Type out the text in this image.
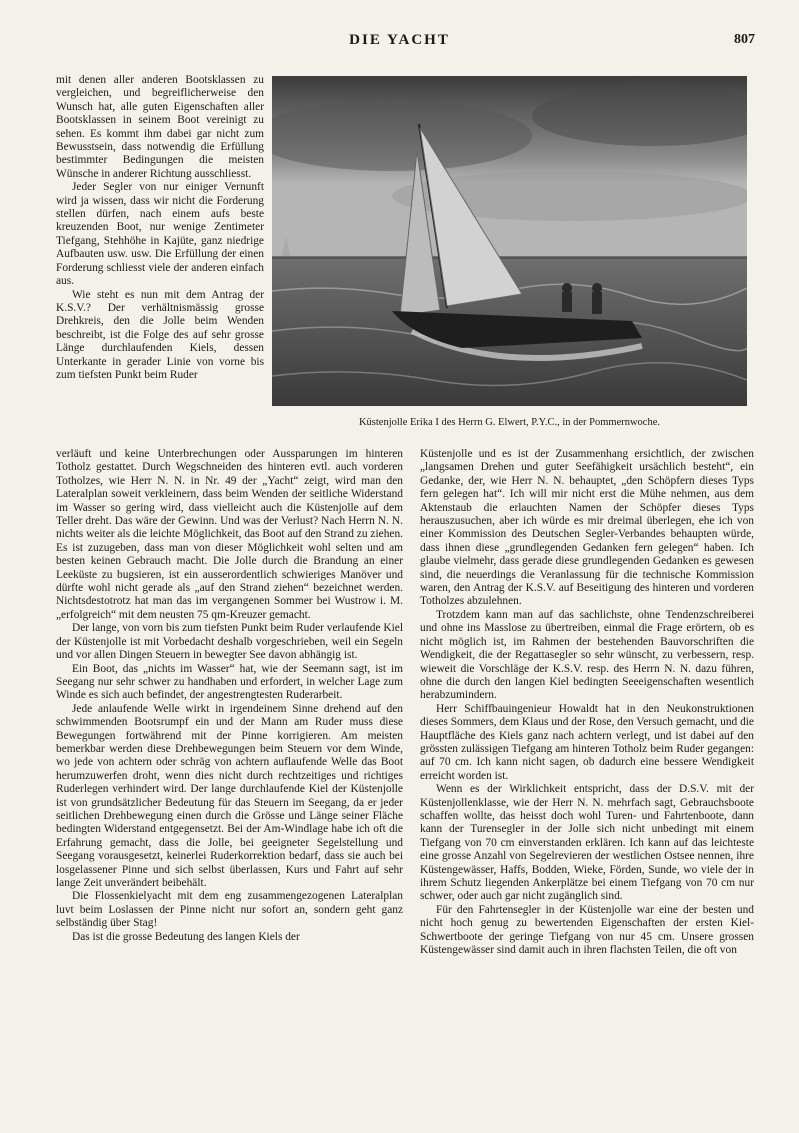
DIE YACHT	807

mit denen aller anderen Bootsklassen zu vergleichen, und begreiflicherweise den Wunsch hat, alle guten Eigenschaften aller Bootsklassen in seinem Boot vereinigt zu sehen. Es kommt ihm dabei gar nicht zum Bewusstsein, dass notwendig die Erfüllung bestimmter Bedingungen die meisten Wünsche in anderer Richtung ausschliesst.

Jeder Segler von nur einiger Vernunft wird ja wissen, dass wir nicht die Forderung stellen dürfen, nach einem aufs beste kreuzenden Boot, nur wenige Zentimeter Tiefgang, Stehhöhe in Kajüte, ganz niedrige Aufbauten usw. usw. Die Erfüllung der einen Forderung schliesst viele der anderen einfach aus.

Wie steht es nun mit dem Antrag der K.S.V.? Der verhältnismässig grosse Drehkreis, den die Jolle beim Wenden beschreibt, ist die Folge des auf sehr grosse Länge durchlaufenden Kiels, dessen Unterkante in gerader Linie von vorne bis zum tiefsten Punkt beim Ruder

Küstenjolle Erika I des Herrn G. Elwert, P.Y.C., in der Pommernwoche.

verläuft und keine Unterbrechungen oder Aussparungen im hinteren Totholz gestattet. Durch Wegschneiden des hinteren evtl. auch vorderen Totholzes, wie Herr N. N. in Nr. 49 der „Yacht“ zeigt, wird man den Lateralplan soweit verkleinern, dass beim Wenden der seitliche Widerstand im Wasser so gering wird, dass vielleicht auch die Küstenjolle auf dem Teller dreht. Das wäre der Gewinn. Und was der Verlust? Nach Herrn N. N. nichts weiter als die leichte Möglichkeit, das Boot auf den Strand zu ziehen. Es ist zuzugeben, dass man von dieser Möglichkeit wohl selten und am besten keinen Gebrauch macht. Die Jolle durch die Brandung an einer Leeküste zu bugsieren, ist ein ausserordentlich schwieriges Manöver und dürfte wohl nicht gerade als „auf den Strand ziehen“ bezeichnet werden. Nichtsdestotrotz hat man das im vergangenen Sommer bei Wustrow i. M. „erfolgreich“ mit dem neusten 75 qm-Kreuzer gemacht.

Der lange, von vorn bis zum tiefsten Punkt beim Ruder verlaufende Kiel der Küstenjolle ist mit Vorbedacht deshalb vorgeschrieben, weil ein Segeln und vor allen Dingen Steuern in bewegter See davon abhängig ist.

Ein Boot, das „nichts im Wasser“ hat, wie der Seemann sagt, ist im Seegang nur sehr schwer zu handhaben und erfordert, in welcher Lage zum Winde es sich auch befindet, der angestrengtesten Ruderarbeit.

Jede anlaufende Welle wirkt in irgendeinem Sinne drehend auf den schwimmenden Bootsrumpf ein und der Mann am Ruder muss diese Bewegungen fortwährend mit der Pinne korrigieren. Am meisten bemerkbar werden diese Drehbewegungen beim Steuern vor dem Winde, wo jede von achtern oder schräg von achtern auflaufende Welle das Boot herumzuwerfen droht, wenn dies nicht durch rechtzeitiges und richtiges Ruderlegen verhindert wird. Der lange durchlaufende Kiel der Küstenjolle ist von grundsätzlicher Bedeutung für das Steuern im Seegang, da er jeder seitlichen Drehbewegung einen durch die Grösse und Länge seiner Fläche bedingten Widerstand entgegensetzt. Bei der Am-Windlage habe ich oft die Erfahrung gemacht, dass die Jolle, bei geeigneter Segelstellung und Seegang vorausgesetzt, keinerlei Ruderkorrektion bedarf, dass sie auch bei losgelassener Pinne und sich selbst überlassen, Kurs und Fahrt auf sehr lange Zeit unverändert beibehält.

Die Flossenkielyacht mit dem eng zusammengezogenen Lateralplan luvt beim Loslassen der Pinne nicht nur sofort an, sondern geht ganz selbständig über Stag!

Das ist die grosse Bedeutung des langen Kiels der

Küstenjolle und es ist der Zusammenhang ersichtlich, der zwischen „langsamen Drehen und guter Seefähigkeit ursächlich besteht“, ein Gedanke, der, wie Herr N. N. behauptet, „den Schöpfern dieses Typs fern gelegen hat“. Ich will mir nicht erst die Mühe nehmen, aus dem Aktenstaub die erlauchten Namen der Schöpfer dieses Typs herauszusuchen, aber ich würde es mir dreimal überlegen, ehe ich von einer Kommission des Deutschen Segler-Verbandes behaupten würde, dass ihnen diese „grundlegenden Gedanken fern gelegen“ haben. Ich glaube vielmehr, dass gerade diese grundlegenden Gedanken es gewesen sind, die neuerdings die Veranlassung für die technische Kommission waren, den Antrag der K.S.V. auf Beseitigung des hinteren und vorderen Totholzes abzulehnen.

Trotzdem kann man auf das sachlichste, ohne Tendenzschreiberei und ohne ins Masslose zu übertreiben, einmal die Frage erörtern, ob es nicht möglich ist, im Rahmen der bestehenden Bauvorschriften die Wendigkeit, die der Regattasegler so sehr wünscht, zu verbessern, resp. wieweit die Vorschläge der K.S.V. resp. des Herrn N. N. dazu führen, ohne die durch den langen Kiel bedingten Seeeigenschaften wesentlich herabzumindern.

Herr Schiffbauingenieur Howaldt hat in den Neukonstruktionen dieses Sommers, dem Klaus und der Rose, den Versuch gemacht, und die Hauptfläche des Kiels ganz nach achtern verlegt, und ist dabei auf den grössten zulässigen Tiefgang am hinteren Totholz beim Ruder gegangen: auf 70 cm. Ich kann nicht sagen, ob dadurch eine bessere Wendigkeit erreicht worden ist.

Wenn es der Wirklichkeit entspricht, dass der D.S.V. mit der Küstenjollenklasse, wie der Herr N. N. mehrfach sagt, Gebrauchsboote schaffen wollte, das heisst doch wohl Turen- und Fahrtenboote, dann kann der Turensegler in der Jolle sich nicht unbedingt mit einem Tiefgang von 70 cm einverstanden erklären. Ich kann auf das leichteste eine grosse Anzahl von Segelrevieren der westlichen Ostsee nennen, ihre Küstengewässer, Haffs, Bodden, Wieke, Förden, Sunde, wo viele der in ihrem Schutz liegenden Ankerplätze bei einem Tiefgang von 70 cm nur schwer, oder auch gar nicht zugänglich sind.

Für den Fahrtensegler in der Küstenjolle war eine der besten und nicht hoch genug zu bewertenden Eigenschaften der ersten Kiel-Schwertboote der geringe Tiefgang von nur 45 cm. Unsere grossen Küstengewässer sind damit auch in ihren flachsten Teilen, die oft von
